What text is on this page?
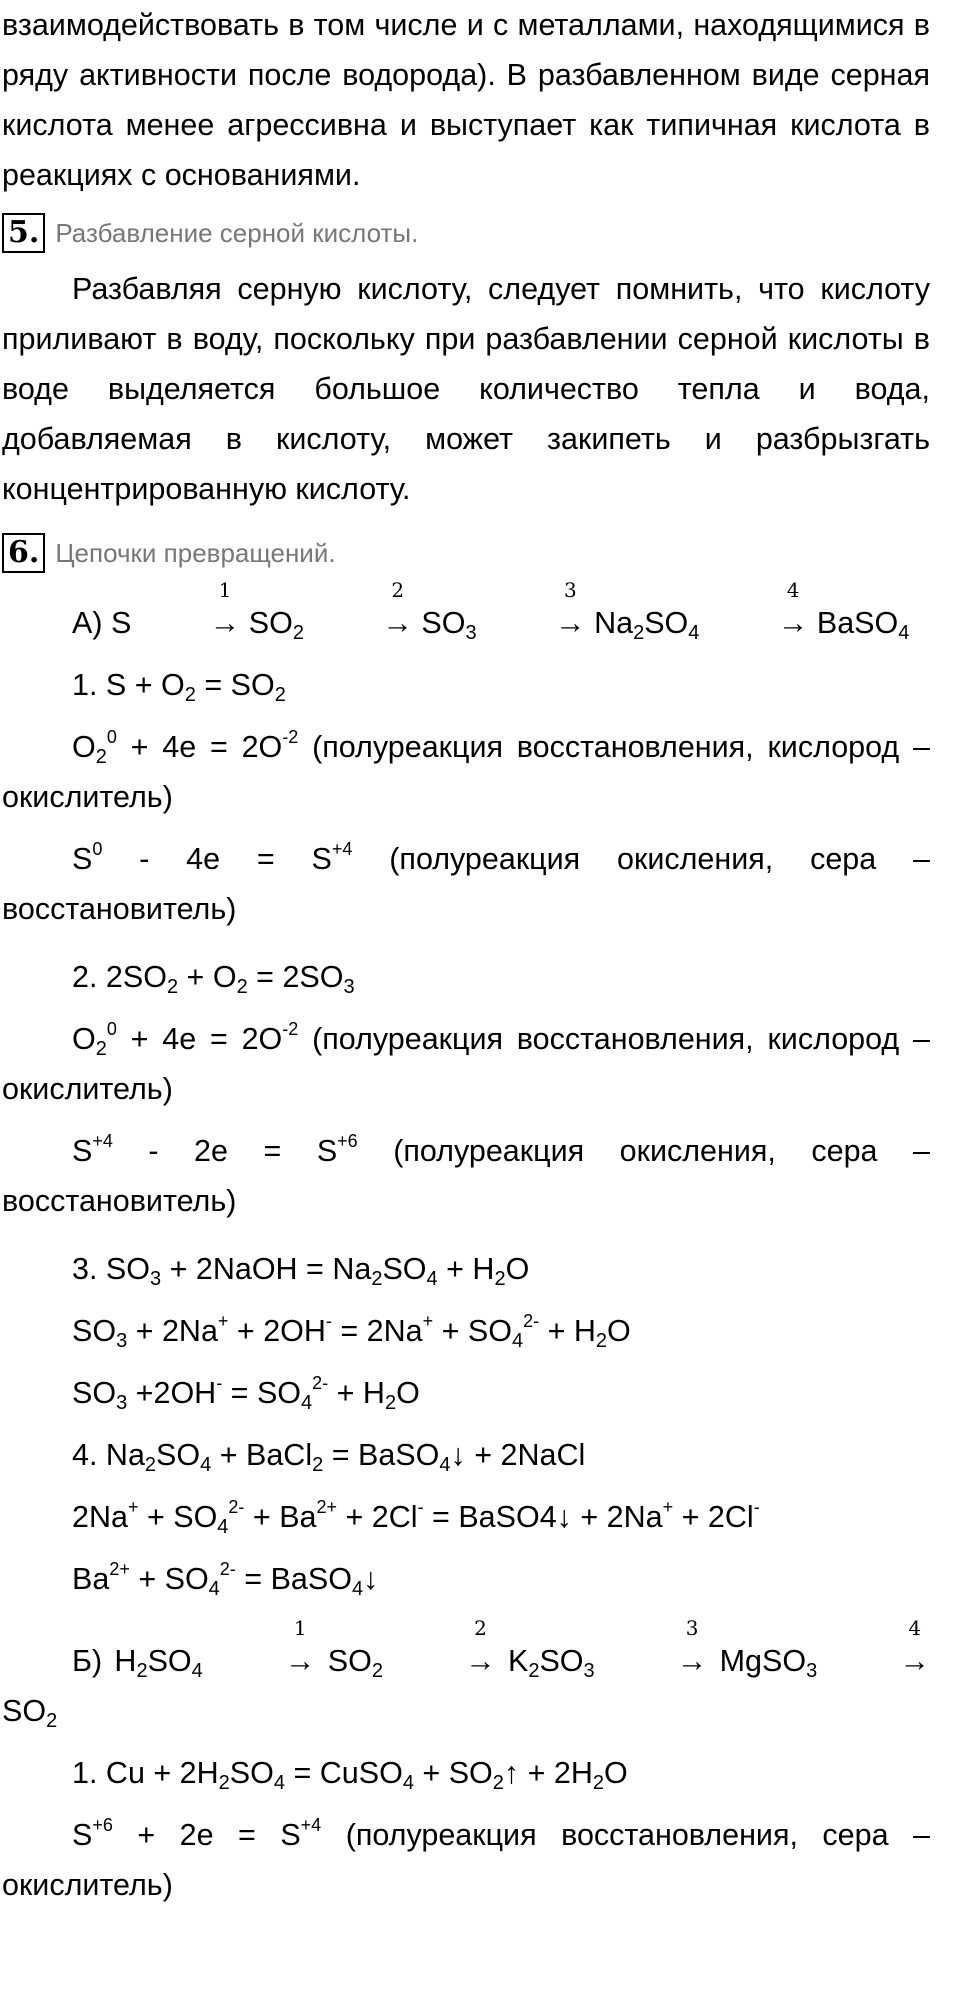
взаимодействовать в том числе и с металлами, находящимися в ряду активности после водорода). В разбавленном виде серная кислота менее агрессивна и выступает как типичная кислота в реакциях с основаниями.

5. Разбавление серной кислоты.

Разбавляя серную кислоту, следует помнить, что кислоту приливают в воду, поскольку при разбавлении серной кислоты в воде выделяется большое количество тепла и вода, добавляемая в кислоту, может закипеть и разбрызгать концентрированную кислоту.

6. Цепочки превращений.

А) S →
1
$SO_2$	→
2
$SO_3$	→
3
$Na_2SO_4$	→
4
BaSO$_4$

1. $S + O_2 = SO_2$

$O_2^0 + 4e = 2O^{-2}$ (полуреакция восстановления, кислород – окислитель)

$S^0 - 4e = S^{+4}$ (полуреакция окисления, сера – восстановитель)

2. $2SO_2 + O_2 = 2SO_3$

$O_2^0 + 4e = 2O^{-2}$ (полуреакция восстановления, кислород – окислитель)

$S^{+4} - 2e = S^{+6}$ (полуреакция окисления, сера – восстановитель)

3. $SO_3$ + 2NaOH = $Na_2SO_4 + H_2O$

$SO_3 + 2Na^+ + 2OH^- = 2Na^+ + SO_4^{2-} + H_2O$

$SO_3 +2OH^- = SO_4^{2-} + H_2O$

4. $Na_2SO_4$ + BaCl$_2$ = BaSO$_4$↓ + 2NaCl

$2Na^+ + SO_4^{2-} + Ba^{2+} + 2Cl^-$ = BaSO4↓ + 2Na+ + 2Cl-

$Ba^{2+} + SO_4^{2-}$ = BaSO$_4$↓

Б) $H_2SO_4$	→
1
$SO_2$	→
2
$K_2SO_3$	→
3
MgSO$_3$	→
4
$SO_2$

1. $Cu + 2H_2SO_4$ = CuSO$_4$ + $SO_2↑ + 2H_2O$

$S^{+6} + 2e = S^{+4}$ (полуреакция восстановления, сера – окислитель)
